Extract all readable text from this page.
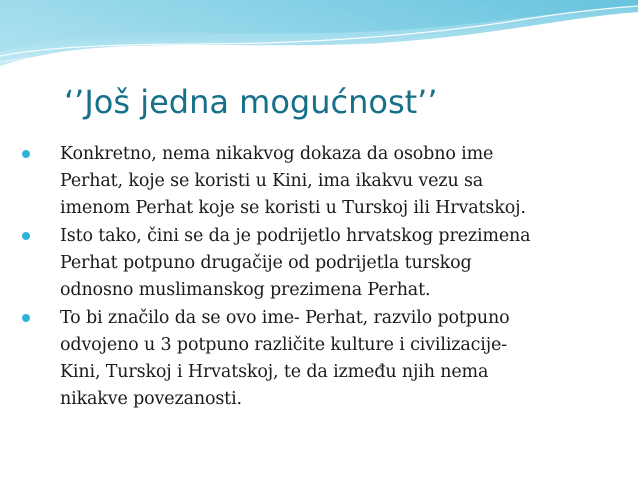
‘’Još jedna mogućnost’’
Konkretno, nema nikakvog dokaza da osobno ime
Perhat, koje se koristi u Kini, ima ikakvu vezu sa
imenom Perhat koje se koristi u Turskoj ili Hrvatskoj.
Isto tako, čini se da je podrijetlo hrvatskog prezimena
Perhat potpuno drugačije od podrijetla turskog
odnosno muslimanskog prezimena Perhat.
To bi značilo da se ovo ime- Perhat, razvilo potpuno
odvojeno u 3 potpuno različite kulture i civilizacije-
Kini, Turskoj i Hrvatskoj, te da između njih nema
nikakve povezanosti.
